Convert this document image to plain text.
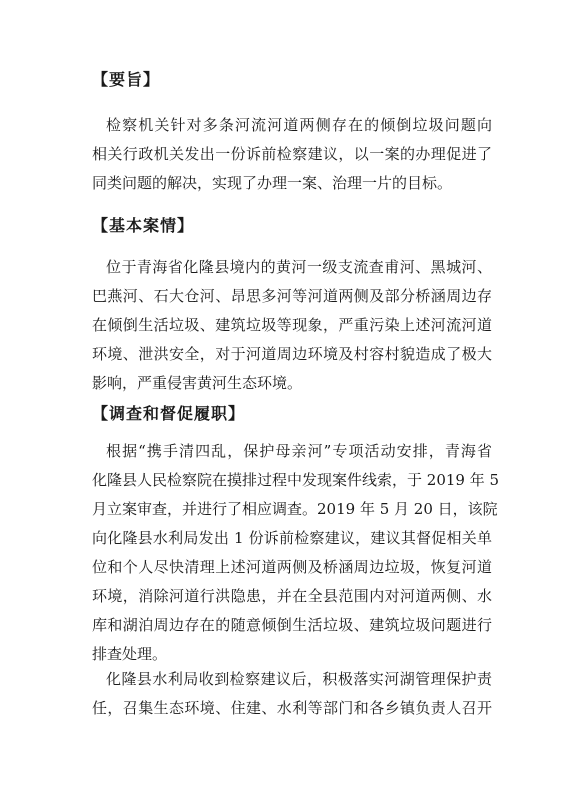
【要旨】
检察机关针对多条河流河道两侧存在的倾倒垃圾问题向
相关行政机关发出一份诉前检察建议，以一案的办理促进了
同类问题的解决，实现了办理一案、治理一片的目标。
【基本案情】
位于青海省化隆县境内的黄河一级支流查甫河、黑城河、
巴燕河、石大仓河、昂思多河等河道两侧及部分桥涵周边存
在倾倒生活垃圾、建筑垃圾等现象，严重污染上述河流河道
环境、泄洪安全，对于河道周边环境及村容村貌造成了极大
影响，严重侵害黄河生态环境。
【调查和督促履职】
根据“携手清四乱，保护母亲河”专项活动安排，青海省
化隆县人民检察院在摸排过程中发现案件线索，于 2019 年 5
月立案审查，并进行了相应调查。2019 年 5 月 20 日，该院
向化隆县水利局发出 1 份诉前检察建议，建议其督促相关单
位和个人尽快清理上述河道两侧及桥涵周边垃圾，恢复河道
环境，消除河道行洪隐患，并在全县范围内对河道两侧、水
库和湖泊周边存在的随意倾倒生活垃圾、建筑垃圾问题进行
排查处理。
化隆县水利局收到检察建议后，积极落实河湖管理保护责
任，召集生态环境、住建、水利等部门和各乡镇负责人召开
